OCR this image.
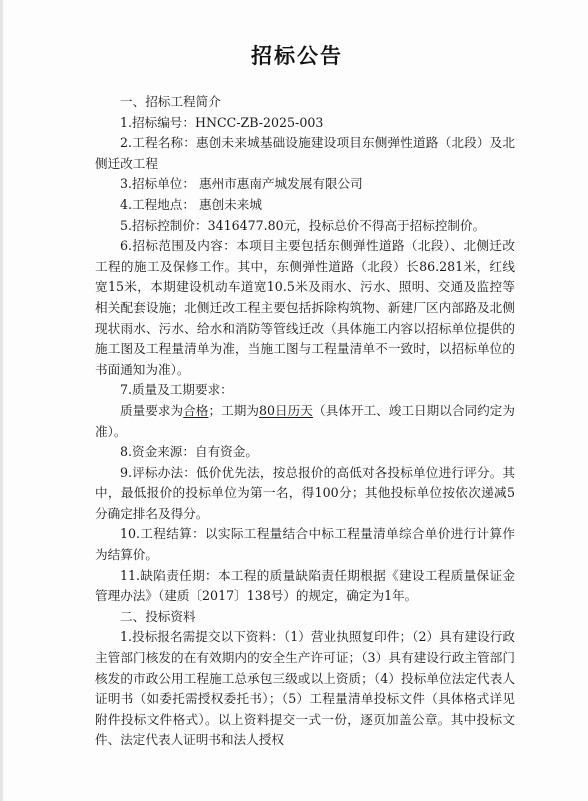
招标公告

一、招标工程简介

1.招标编号：HNCC-ZB-2025-003

2.工程名称：惠创未来城基础设施建设项目东侧弹性道路（北段）及北侧迁改工程

3.招标单位： 惠州市惠南产城发展有限公司

4.工程地点： 惠创未来城

5.招标控制价：3416477.80元，投标总价不得高于招标控制价。

6.招标范围及内容：本项目主要包括东侧弹性道路（北段）、北侧迁改工程的施工及保修工作。其中，东侧弹性道路（北段）长86.281米，红线宽15米，本期建设机动车道宽10.5米及雨水、污水、照明、交通及监控等相关配套设施；北侧迁改工程主要包括拆除构筑物、新建厂区内部路及北侧现状雨水、污水、给水和消防等管线迁改（具体施工内容以招标单位提供的施工图及工程量清单为准，当施工图与工程量清单不一致时，以招标单位的书面通知为准）。

7.质量及工期要求：

质量要求为合格；工期为80日历天（具体开工、竣工日期以合同约定为准）。

8.资金来源：自有资金。

9.评标办法：低价优先法，按总报价的高低对各投标单位进行评分。其中，最低报价的投标单位为第一名，得100分；其他投标单位按依次递减5分确定排名及得分。

10.工程结算：以实际工程量结合中标工程量清单综合单价进行计算作为结算价。

11.缺陷责任期：本工程的质量缺陷责任期根据《建设工程质量保证金管理办法》（建质〔2017〕138号）的规定，确定为1年。

二、投标资料

1.投标报名需提交以下资料：（1）营业执照复印件；（2）具有建设行政主管部门核发的在有效期内的安全生产许可证；（3）具有建设行政主管部门核发的市政公用工程施工总承包三级或以上资质；（4）投标单位法定代表人证明书（如委托需授权委托书）；（5）工程量清单投标文件（具体格式详见附件投标文件格式）。以上资料提交一式一份，逐页加盖公章。其中投标文件、法定代表人证明书和法人授权
